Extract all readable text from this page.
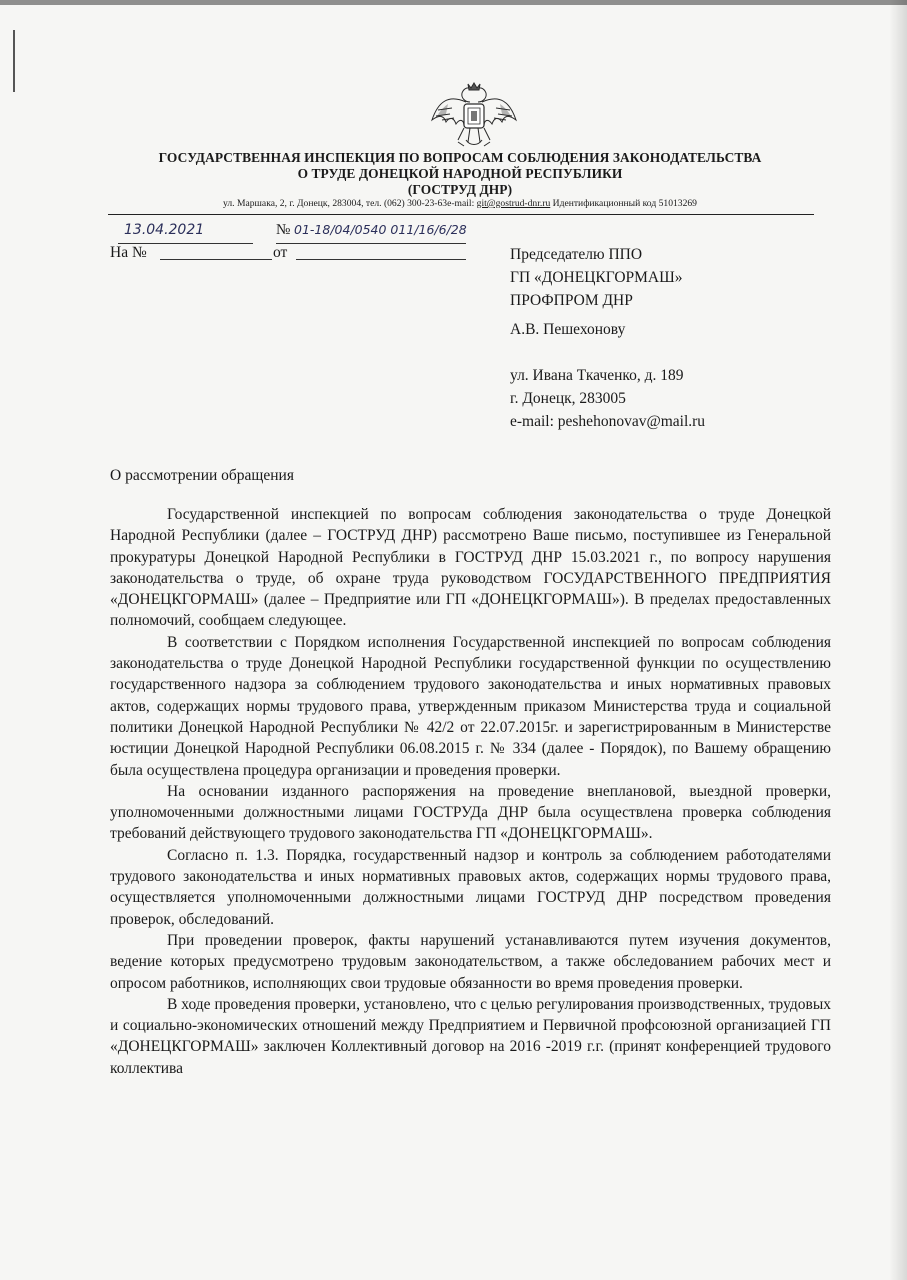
ГОСУДАРСТВЕННАЯ ИНСПЕКЦИЯ ПО ВОПРОСАМ СОБЛЮДЕНИЯ ЗАКОНОДАТЕЛЬСТВА
О ТРУДЕ ДОНЕЦКОЙ НАРОДНОЙ РЕСПУБЛИКИ
(ГОСТРУД ДНР)
ул. Маршака, 2, г. Донецк, 283004, тел. (062) 300-23-63e-mail: git@gostrud-dnr.ru Идентификационный код 51013269
13.04.2021	№ 01-18/04/0540 011/16/6/28
На №	от	Председателю ППО
ГП «ДОНЕЦКГОРМАШ»
ПРОФПРОМ ДНР
А.В. Пешехонову
ул. Ивана Ткаченко, д. 189
г. Донецк, 283005
e-mail: peshehonovav@mail.ru
О рассмотрении обращения

Государственной инспекцией по вопросам соблюдения законодательства о труде Донецкой Народной Республики (далее – ГОСТРУД ДНР) рассмотрено Ваше письмо, поступившее из Генеральной прокуратуры Донецкой Народной Республики в ГОСТРУД ДНР 15.03.2021 г., по вопросу нарушения законодательства о труде, об охране труда руководством ГОСУДАРСТВЕННОГО ПРЕДПРИЯТИЯ «ДОНЕЦКГОРМАШ» (далее – Предприятие или ГП «ДОНЕЦКГОРМАШ»). В пределах предоставленных полномочий, сообщаем следующее.

В соответствии с Порядком исполнения Государственной инспекцией по вопросам соблюдения законодательства о труде Донецкой Народной Республики государственной функции по осуществлению государственного надзора за соблюдением трудового законодательства и иных нормативных правовых актов, содержащих нормы трудового права, утвержденным приказом Министерства труда и социальной политики Донецкой Народной Республики № 42/2 от 22.07.2015г. и зарегистрированным в Министерстве юстиции Донецкой Народной Республики 06.08.2015 г. № 334 (далее - Порядок), по Вашему обращению была осуществлена процедура организации и проведения проверки.

На основании изданного распоряжения на проведение внеплановой, выездной проверки, уполномоченными должностными лицами ГОСТРУДа ДНР была осуществлена проверка соблюдения требований действующего трудового законодательства ГП «ДОНЕЦКГОРМАШ».

Согласно п. 1.3. Порядка, государственный надзор и контроль за соблюдением работодателями трудового законодательства и иных нормативных правовых актов, содержащих нормы трудового права, осуществляется уполномоченными должностными лицами ГОСТРУД ДНР посредством проведения проверок, обследований.

При проведении проверок, факты нарушений устанавливаются путем изучения документов, ведение которых предусмотрено трудовым законодательством, а также обследованием рабочих мест и опросом работников, исполняющих свои трудовые обязанности во время проведения проверки.

В ходе проведения проверки, установлено, что с целью регулирования производственных, трудовых и социально-экономических отношений между Предприятием и Первичной профсоюзной организацией ГП «ДОНЕЦКГОРМАШ» заключен Коллективный договор на 2016 -2019 г.г. (принят конференцией трудового коллектива
